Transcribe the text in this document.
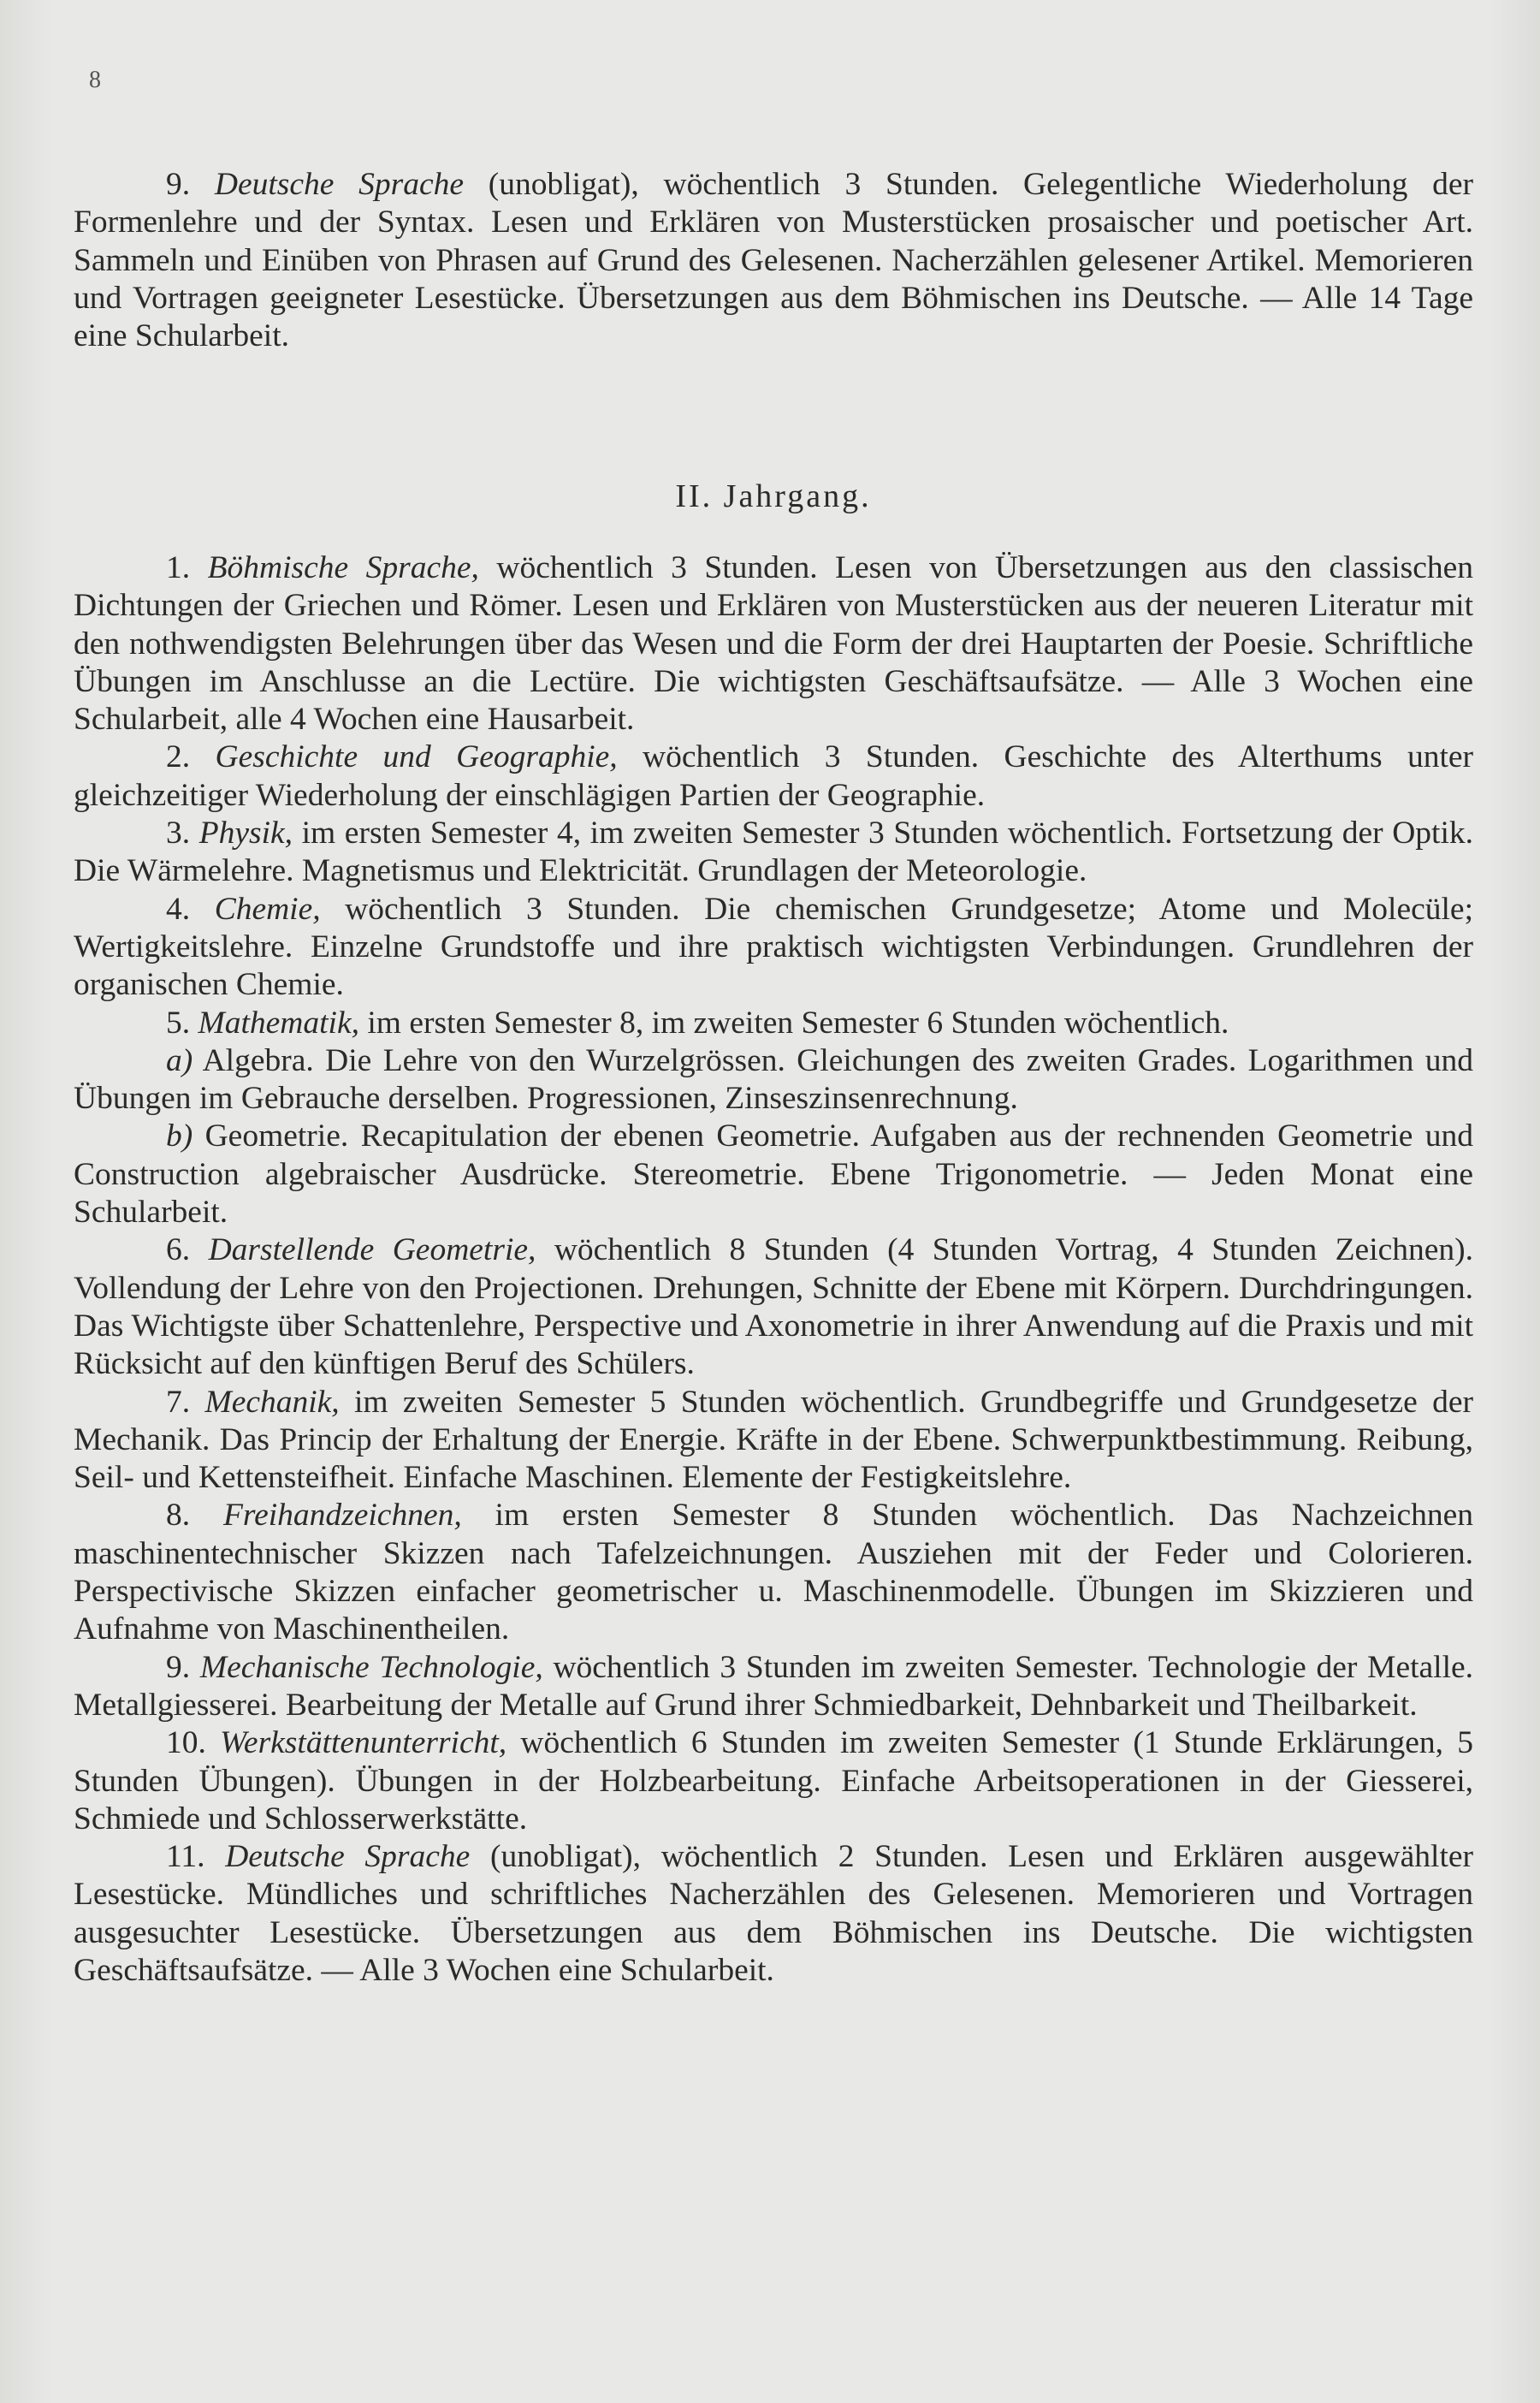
8

9. Deutsche Sprache (unobligat), wöchentlich 3 Stunden. Gelegentliche Wiederholung der Formenlehre und der Syntax. Lesen und Erklären von Musterstücken prosaischer und poetischer Art. Sammeln und Einüben von Phrasen auf Grund des Gelesenen. Nacherzählen gelesener Artikel. Memorieren und Vortragen geeigneter Lesestücke. Übersetzungen aus dem Böhmischen ins Deutsche. — Alle 14 Tage eine Schularbeit.

II. Jahrgang.

1. Böhmische Sprache, wöchentlich 3 Stunden. Lesen von Übersetzungen aus den classischen Dichtungen der Griechen und Römer. Lesen und Erklären von Musterstücken aus der neueren Literatur mit den nothwendigsten Belehrungen über das Wesen und die Form der drei Hauptarten der Poesie. Schriftliche Übungen im Anschlusse an die Lectüre. Die wichtigsten Geschäftsaufsätze. — Alle 3 Wochen eine Schularbeit, alle 4 Wochen eine Hausarbeit.

2. Geschichte und Geographie, wöchentlich 3 Stunden. Geschichte des Alterthums unter gleichzeitiger Wiederholung der einschlägigen Partien der Geographie.

3. Physik, im ersten Semester 4, im zweiten Semester 3 Stunden wöchentlich. Fortsetzung der Optik. Die Wärmelehre. Magnetismus und Elektricität. Grundlagen der Meteorologie.

4. Chemie, wöchentlich 3 Stunden. Die chemischen Grundgesetze; Atome und Molecüle; Wertigkeitslehre. Einzelne Grundstoffe und ihre praktisch wichtigsten Verbindungen. Grundlehren der organischen Chemie.

5. Mathematik, im ersten Semester 8, im zweiten Semester 6 Stunden wöchentlich.

a) Algebra. Die Lehre von den Wurzelgrössen. Gleichungen des zweiten Grades. Logarithmen und Übungen im Gebrauche derselben. Progressionen, Zinseszinsenrechnung.

b) Geometrie. Recapitulation der ebenen Geometrie. Aufgaben aus der rechnenden Geometrie und Construction algebraischer Ausdrücke. Stereometrie. Ebene Trigonometrie. — Jeden Monat eine Schularbeit.

6. Darstellende Geometrie, wöchentlich 8 Stunden (4 Stunden Vortrag, 4 Stunden Zeichnen). Vollendung der Lehre von den Projectionen. Drehungen, Schnitte der Ebene mit Körpern. Durchdringungen. Das Wichtigste über Schattenlehre, Perspective und Axonometrie in ihrer Anwendung auf die Praxis und mit Rücksicht auf den künftigen Beruf des Schülers.

7. Mechanik, im zweiten Semester 5 Stunden wöchentlich. Grundbegriffe und Grundgesetze der Mechanik. Das Princip der Erhaltung der Energie. Kräfte in der Ebene. Schwerpunktbestimmung. Reibung, Seil- und Kettensteifheit. Einfache Maschinen. Elemente der Festigkeitslehre.

8. Freihandzeichnen, im ersten Semester 8 Stunden wöchentlich. Das Nachzeichnen maschinentechnischer Skizzen nach Tafelzeichnungen. Ausziehen mit der Feder und Colorieren. Perspectivische Skizzen einfacher geometrischer u. Maschinenmodelle. Übungen im Skizzieren und Aufnahme von Maschinentheilen.

9. Mechanische Technologie, wöchentlich 3 Stunden im zweiten Semester. Technologie der Metalle. Metallgiesserei. Bearbeitung der Metalle auf Grund ihrer Schmiedbarkeit, Dehnbarkeit und Theilbarkeit.

10. Werkstättenunterricht, wöchentlich 6 Stunden im zweiten Semester (1 Stunde Erklärungen, 5 Stunden Übungen). Übungen in der Holzbearbeitung. Einfache Arbeitsoperationen in der Giesserei, Schmiede und Schlosserwerkstätte.

11. Deutsche Sprache (unobligat), wöchentlich 2 Stunden. Lesen und Erklären ausgewählter Lesestücke. Mündliches und schriftliches Nacherzählen des Gelesenen. Memorieren und Vortragen ausgesuchter Lesestücke. Übersetzungen aus dem Böhmischen ins Deutsche. Die wichtigsten Geschäftsaufsätze. — Alle 3 Wochen eine Schularbeit.
